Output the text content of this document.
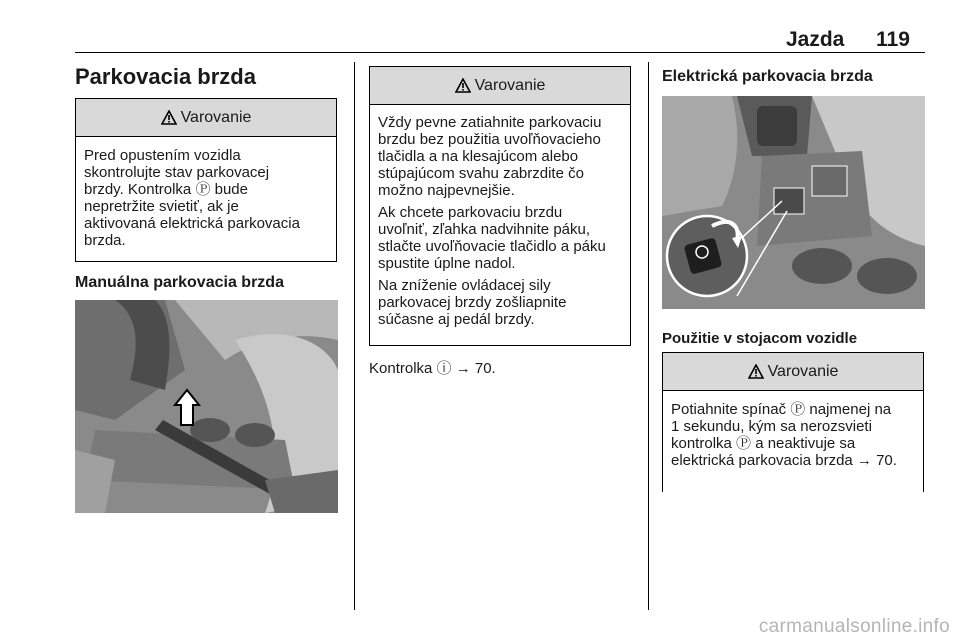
Jazda 119
Parkovacia brzda
Varovanie
Pred opustením vozidla
skontrolujte stav parkovacej
brzdy. Kontrolka Ⓟ bude
nepretržite svietiť, ak je
aktivovaná elektrická parkovacia
brzda.
Manuálna parkovacia brzda
Varovanie

Vždy pevne zatiahnite parkovaciu
brzdu bez použitia uvoľňovacieho
tlačidla a na klesajúcom alebo
stúpajúcom svahu zabrzdite čo
možno najpevnejšie.

Ak chcete parkovaciu brzdu
uvoľniť, zľahka nadvihnite páku,
stlačte uvoľňovacie tlačidlo a páku
spustite úplne nadol.

Na zníženie ovládacej sily
parkovacej brzdy zošliapnite
súčasne aj pedál brzdy.

Kontrolka ⓘ → 70.
Elektrická parkovacia brzda
Použitie v stojacom vozidle
Varovanie
Potiahnite spínač Ⓟ najmenej na
1 sekundu, kým sa nerozsvieti
kontrolka Ⓟ a neaktivuje sa
elektrická parkovacia brzda → 70.
carmanualsonline.info
